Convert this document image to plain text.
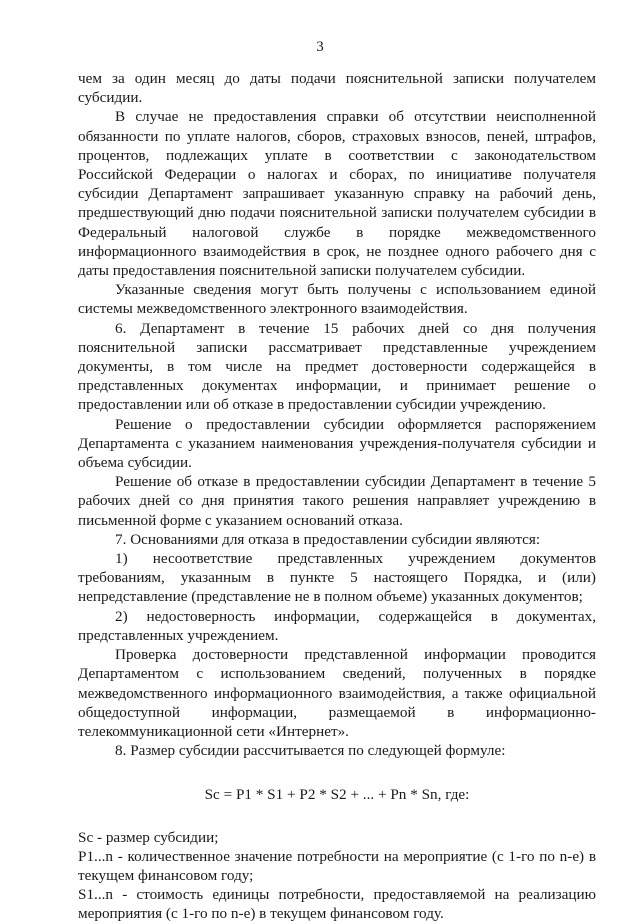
3

чем за один месяц до даты подачи пояснительной записки получателем субсидии.

В случае не предоставления справки об отсутствии неисполненной обязанности по уплате налогов, сборов, страховых взносов, пеней, штрафов, процентов, подлежащих уплате в соответствии с законодательством Российской Федерации о налогах и сборах, по инициативе получателя субсидии Департамент запрашивает указанную справку на рабочий день, предшествующий дню подачи пояснительной записки получателем субсидии в Федеральный налоговой службе в порядке межведомственного информационного взаимодействия в срок, не позднее одного рабочего дня с даты предоставления пояснительной записки получателем субсидии.

Указанные сведения могут быть получены с использованием единой системы межведомственного электронного взаимодействия.

6. Департамент в течение 15 рабочих дней со дня получения пояснительной записки рассматривает представленные учреждением документы, в том числе на предмет достоверности содержащейся в представленных документах информации, и принимает решение о предоставлении или об отказе в предоставлении субсидии учреждению.

Решение о предоставлении субсидии оформляется распоряжением Департамента с указанием наименования учреждения-получателя субсидии и объема субсидии.

Решение об отказе в предоставлении субсидии Департамент в течение 5 рабочих дней со дня принятия такого решения направляет учреждению в письменной форме с указанием оснований отказа.

7. Основаниями для отказа в предоставлении субсидии являются:

1) несоответствие представленных учреждением документов требованиям, указанным в пункте 5 настоящего Порядка, и (или) непредставление (представление не в полном объеме) указанных документов;

2) недостоверность информации, содержащейся в документах, представленных учреждением.

Проверка достоверности представленной информации проводится Департаментом с использованием сведений, полученных в порядке межведомственного информационного взаимодействия, а также официальной общедоступной информации, размещаемой в информационно-телекоммуникационной сети «Интернет».

8. Размер субсидии рассчитывается по следующей формуле:

Sc = P1 * S1 + P2 * S2 + ... + Pn * Sn, где:

Sc - размер субсидии;

P1...n - количественное значение потребности на мероприятие (с 1-го по n-е) в текущем финансовом году;

S1...n - стоимость единицы потребности, предоставляемой на реализацию мероприятия (с 1-го по n-е) в текущем финансовом году.
